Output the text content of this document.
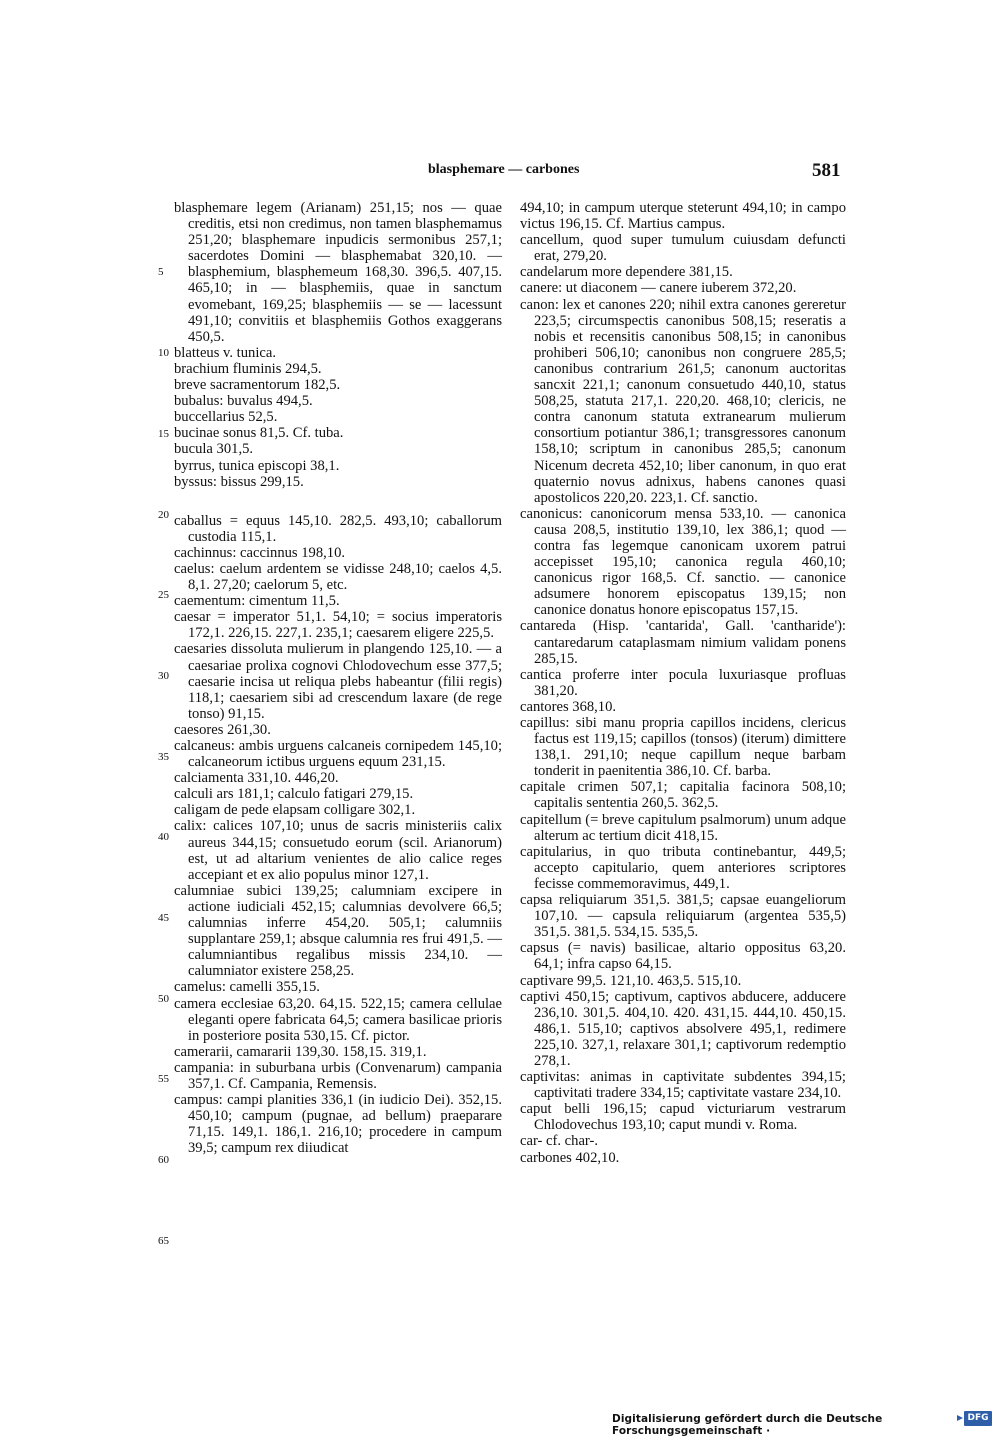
blasphemare — carbones	581
5
10
15
20
25
30
35
40
45
50
55
60
65

blasphemare legem (Arianam) 251,15; nos — quae creditis, etsi non credimus, non tamen blasphemamus 251,20; blasphemare inpudicis sermonibus 257,1; sacerdotes Domini — blasphemabat 320,10. — blasphemium, blasphemeum 168,30. 396,5. 407,15. 465,10; in — blasphemiis, quae in sanctum evomebant, 169,25; blasphemiis — se — lacessunt 491,10; convitiis et blasphemiis Gothos exaggerans 450,5.

blatteus v. tunica.

brachium fluminis 294,5.

breve sacramentorum 182,5.

bubalus: buvalus 494,5.

buccellarius 52,5.

bucinae sonus 81,5. Cf. tuba.

bucula 301,5.

byrrus, tunica episcopi 38,1.

byssus: bissus 299,15.

caballus = equus 145,10. 282,5. 493,10; caballorum custodia 115,1.

cachinnus: caccinnus 198,10.

caelus: caelum ardentem se vidisse 248,10; caelos 4,5. 8,1. 27,20; caelorum 5, etc.

caementum: cimentum 11,5.

caesar = imperator 51,1. 54,10; = socius imperatoris 172,1. 226,15. 227,1. 235,1; caesarem eligere 225,5.

caesaries dissoluta mulierum in plangendo 125,10. — a caesariae prolixa cognovi Chlodovechum esse 377,5; caesarie incisa ut reliqua plebs habeantur (filii regis) 118,1; caesariem sibi ad crescendum laxare (de rege tonso) 91,15.

caesores 261,30.

calcaneus: ambis urguens calcaneis cornipedem 145,10; calcaneorum ictibus urguens equum 231,15.

calciamenta 331,10. 446,20.

calculi ars 181,1; calculo fatigari 279,15.

caligam de pede elapsam colligare 302,1.

calix: calices 107,10; unus de sacris ministeriis calix aureus 344,15; consuetudo eorum (scil. Arianorum) est, ut ad altarium venientes de alio calice reges accepiant et ex alio populus minor 127,1.

calumniae subici 139,25; calumniam excipere in actione iudiciali 452,15; calumnias devolvere 66,5; calumnias inferre 454,20. 505,1; calumniis supplantare 259,1; absque calumnia res frui 491,5. — calumniantibus regalibus missis 234,10. — calumniator existere 258,25.

camelus: camelli 355,15.

camera ecclesiae 63,20. 64,15. 522,15; camera cellulae eleganti opere fabricata 64,5; camera basilicae prioris in posteriore posita 530,15. Cf. pictor.

camerarii, camararii 139,30. 158,15. 319,1.

campania: in suburbana urbis (Convenarum) campania 357,1. Cf. Campania, Remensis.

campus: campi planities 336,1 (in iudicio Dei). 352,15. 450,10; campum (pugnae, ad bellum) praeparare 71,15. 149,1. 186,1. 216,10; procedere in campum 39,5; campum rex diiudicat

494,10; in campum uterque steterunt 494,10; in campo victus 196,15. Cf. Martius campus.

cancellum, quod super tumulum cuiusdam defuncti erat, 279,20.

candelarum more dependere 381,15.

canere: ut diaconem — canere iuberem 372,20.

canon: lex et canones 220; nihil extra canones gereretur 223,5; circumspectis canonibus 508,15; reseratis a nobis et recensitis canonibus 508,15; in canonibus prohiberi 506,10; canonibus non congruere 285,5; canonibus contrarium 261,5; canonum auctoritas sancxit 221,1; canonum consuetudo 440,10, status 508,25, statuta 217,1. 220,20. 468,10; clericis, ne contra canonum statuta extranearum mulierum consortium potiantur 386,1; transgressores canonum 158,10; scriptum in canonibus 285,5; canonum Nicenum decreta 452,10; liber canonum, in quo erat quaternio novus adnixus, habens canones quasi apostolicos 220,20. 223,1. Cf. sanctio.

canonicus: canonicorum mensa 533,10. — canonica causa 208,5, institutio 139,10, lex 386,1; quod — contra fas legemque canonicam uxorem patrui accepisset 195,10; canonica regula 460,10; canonicus rigor 168,5. Cf. sanctio. — canonice adsumere honorem episcopatus 139,15; non canonice donatus honore episcopatus 157,15.

cantareda (Hisp. 'cantarida', Gall. 'cantharide'): cantaredarum cataplasmam nimium validam ponens 285,15.

cantica proferre inter pocula luxuriasque profluas 381,20.

cantores 368,10.

capillus: sibi manu propria capillos incidens, clericus factus est 119,15; capillos (tonsos) (iterum) dimittere 138,1. 291,10; neque capillum neque barbam tonderit in paenitentia 386,10. Cf. barba.

capitale crimen 507,1; capitalia facinora 508,10; capitalis sententia 260,5. 362,5.

capitellum (= breve capitulum psalmorum) unum adque alterum ac tertium dicit 418,15.

capitularius, in quo tributa continebantur, 449,5; accepto capitulario, quem anteriores scriptores fecisse commemoravimus, 449,1.

capsa reliquiarum 351,5. 381,5; capsae euangeliorum 107,10. — capsula reliquiarum (argentea 535,5) 351,5. 381,5. 534,15. 535,5.

capsus (= navis) basilicae, altario oppositus 63,20. 64,1; infra capso 64,15.

captivare 99,5. 121,10. 463,5. 515,10.

captivi 450,15; captivum, captivos abducere, adducere 236,10. 301,5. 404,10. 420. 431,15. 444,10. 450,15. 486,1. 515,10; captivos absolvere 495,1, redimere 225,10. 327,1, relaxare 301,1; captivorum redemptio 278,1.

captivitas: animas in captivitate subdentes 394,15; captivitati tradere 334,15; captivitate vastare 234,10.

caput belli 196,15; capud victuriarum vestrarum Chlodovechus 193,10; caput mundi v. Roma.

car- cf. char-.

carbones 402,10.

Digitalisierung gefördert durch die Deutsche Forschungsgemeinschaft ·
DFG
